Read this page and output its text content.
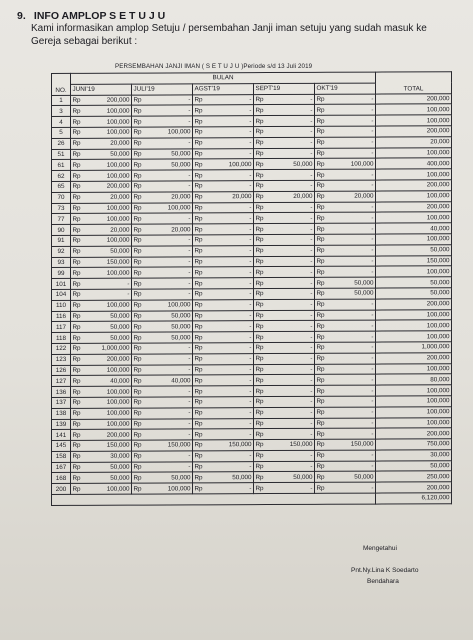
9. INFO AMPLOP S E T U J U
Kami informasikan amplop Setuju / persembahan Janji iman setuju yang sudah masuk ke Gereja sebagai berikut :
PERSEMBAHAN JANJI IMAN ( S E T U J U )Periode s/d 13 Juli 2019
NO.	BULAN										TOTAL
	JUNI'19		JULI'19		AGST'19		SEPT'19		OKT'19		
1	Rp	200,000	Rp	-	Rp	-	Rp	-	Rp	-	200,000
3	Rp	100,000	Rp	-	Rp	-	Rp	-	Rp	-	100,000
4	Rp	100,000	Rp	-	Rp	-	Rp	-	Rp	-	100,000
5	Rp	100,000	Rp	100,000	Rp	-	Rp	-	Rp	-	200,000
26	Rp	20,000	Rp	-	Rp	-	Rp	-	Rp	-	20,000
51	Rp	50,000	Rp	50,000	Rp	-	Rp	-	Rp	-	100,000
61	Rp	100,000	Rp	50,000	Rp	100,000	Rp	50,000	Rp	100,000	400,000
62	Rp	100,000	Rp	-	Rp	-	Rp	-	Rp	-	100,000
65	Rp	200,000	Rp	-	Rp	-	Rp	-	Rp	-	200,000
70	Rp	20,000	Rp	20,000	Rp	20,000	Rp	20,000	Rp	20,000	100,000
73	Rp	100,000	Rp	100,000	Rp	-	Rp	-	Rp	-	200,000
77	Rp	100,000	Rp	-	Rp	-	Rp	-	Rp	-	100,000
90	Rp	20,000	Rp	20,000	Rp	-	Rp	-	Rp	-	40,000
91	Rp	100,000	Rp	-	Rp	-	Rp	-	Rp	-	100,000
92	Rp	50,000	Rp	-	Rp	-	Rp	-	Rp	-	50,000
93	Rp	150,000	Rp	-	Rp	-	Rp	-	Rp	-	150,000
99	Rp	100,000	Rp	-	Rp	-	Rp	-	Rp	-	100,000
101	Rp	-	Rp	-	Rp	-	Rp	-	Rp	50,000	50,000
104	Rp	-	Rp	-	Rp	-	Rp	-	Rp	50,000	50,000
110	Rp	100,000	Rp	100,000	Rp	-	Rp	-	Rp	-	200,000
116	Rp	50,000	Rp	50,000	Rp	-	Rp	-	Rp	-	100,000
117	Rp	50,000	Rp	50,000	Rp	-	Rp	-	Rp	-	100,000
118	Rp	50,000	Rp	50,000	Rp	-	Rp	-	Rp	-	100,000
122	Rp	1,000,000	Rp	-	Rp	-	Rp	-	Rp	-	1,000,000
123	Rp	200,000	Rp	-	Rp	-	Rp	-	Rp	-	200,000
126	Rp	100,000	Rp	-	Rp	-	Rp	-	Rp	-	100,000
127	Rp	40,000	Rp	40,000	Rp	-	Rp	-	Rp	-	80,000
136	Rp	100,000	Rp	-	Rp	-	Rp	-	Rp	-	100,000
137	Rp	100,000	Rp	-	Rp	-	Rp	-	Rp	-	100,000
138	Rp	100,000	Rp	-	Rp	-	Rp	-	Rp	-	100,000
139	Rp	100,000	Rp	-	Rp	-	Rp	-	Rp	-	100,000
141	Rp	200,000	Rp	-	Rp	-	Rp	-	Rp	-	200,000
145	Rp	150,000	Rp	150,000	Rp	150,000	Rp	150,000	Rp	150,000	750,000
158	Rp	30,000	Rp	-	Rp	-	Rp	-	Rp	-	30,000
167	Rp	50,000	Rp	-	Rp	-	Rp	-	Rp	-	50,000
168	Rp	50,000	Rp	50,000	Rp	50,000	Rp	50,000	Rp	50,000	250,000
200	Rp	100,000	Rp	100,000	Rp	-	Rp	-	Rp	-	200,000
											6,120,000
Mengetahui
Pnt.Ny.Lina K Soedarto
Bendahara
